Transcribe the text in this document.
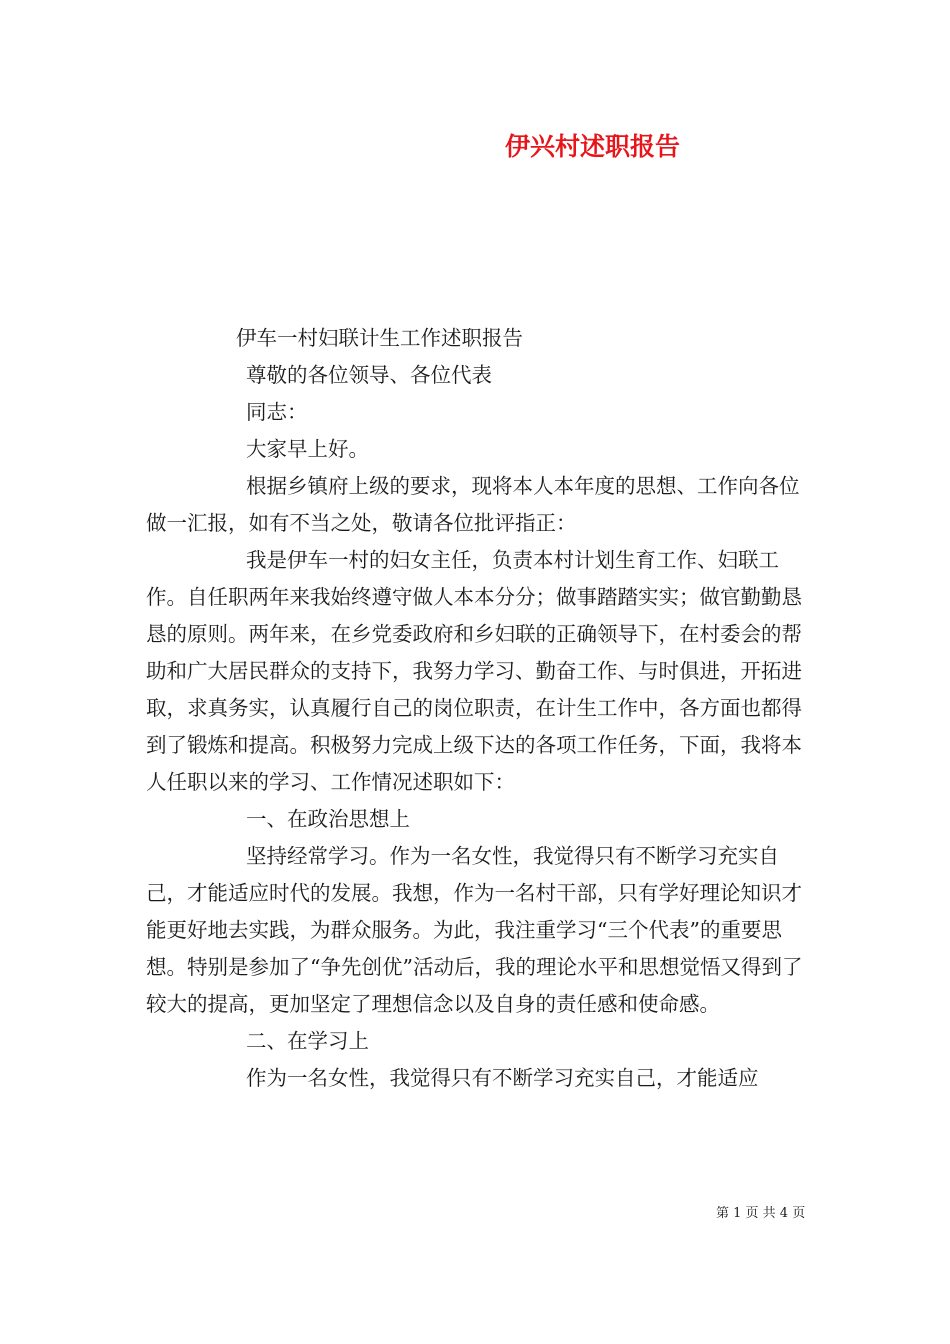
伊兴村述职报告

伊车一村妇联计生工作述职报告

尊敬的各位领导、各位代表

同志：

大家早上好。

根据乡镇府上级的要求，现将本人本年度的思想、工作向各位做一汇报，如有不当之处，敬请各位批评指正：

我是伊车一村的妇女主任，负责本村计划生育工作、妇联工作。自任职两年来我始终遵守做人本本分分；做事踏踏实实；做官勤勤恳恳的原则。两年来，在乡党委政府和乡妇联的正确领导下，在村委会的帮助和广大居民群众的支持下，我努力学习、勤奋工作、与时俱进，开拓进取，求真务实，认真履行自己的岗位职责，在计生工作中，各方面也都得到了锻炼和提高。积极努力完成上级下达的各项工作任务，下面，我将本人任职以来的学习、工作情况述职如下：

一、在政治思想上

坚持经常学习。作为一名女性，我觉得只有不断学习充实自己，才能适应时代的发展。我想，作为一名村干部，只有学好理论知识才能更好地去实践，为群众服务。为此，我注重学习“三个代表”的重要思想。特别是参加了“争先创优”活动后，我的理论水平和思想觉悟又得到了较大的提高，更加坚定了理想信念以及自身的责任感和使命感。

二、在学习上

作为一名女性，我觉得只有不断学习充实自己，才能适应

第 1 页 共 4 页
